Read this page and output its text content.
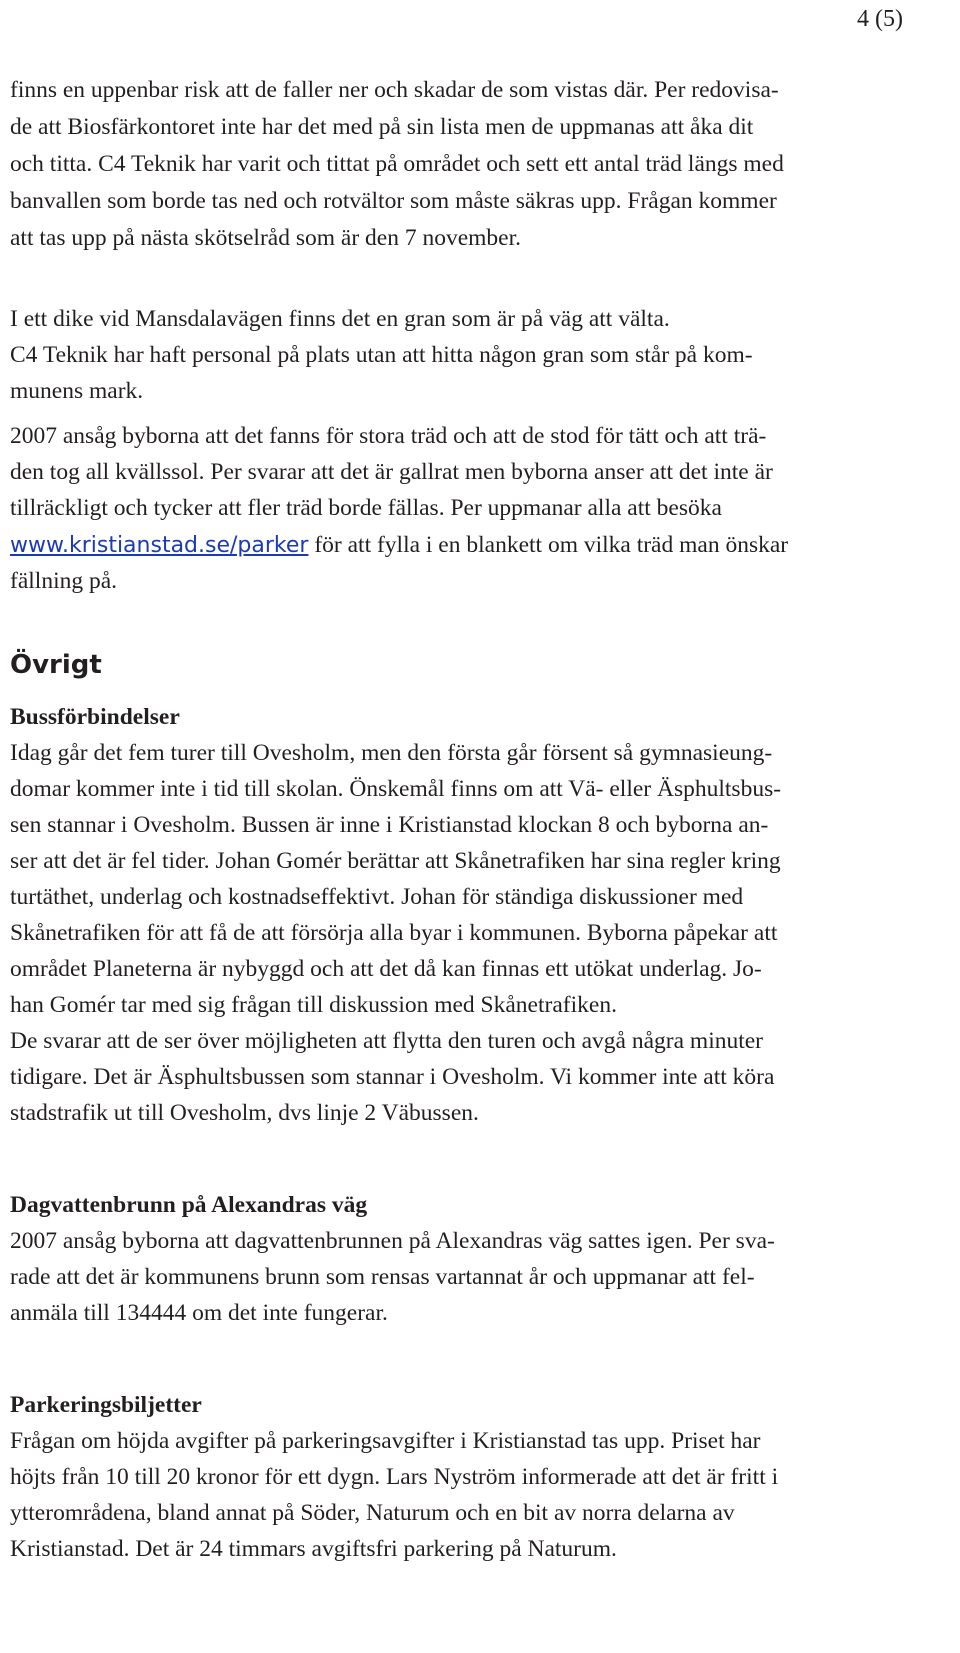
4 (5)
finns en uppenbar risk att de faller ner och skadar de som vistas där. Per redovisa-
de att Biosfärkontoret inte har det med på sin lista men de uppmanas att åka dit
och titta. C4 Teknik har varit och tittat på området och sett ett antal träd längs med
banvallen som borde tas ned och rotvältor som måste säkras upp. Frågan kommer
att tas upp på nästa skötselråd som är den 7 november.
I ett dike vid Mansdalavägen finns det en gran som är på väg att välta.
C4 Teknik har haft personal på plats utan att hitta någon gran som står på kom-
munens mark.
2007 ansåg byborna att det fanns för stora träd och att de stod för tätt och att trä-
den tog all kvällssol. Per svarar att det är gallrat men byborna anser att det inte är
tillräckligt och tycker att fler träd borde fällas. Per uppmanar alla att besöka
www.kristianstad.se/parker för att fylla i en blankett om vilka träd man önskar
fällning på.
Övrigt
Bussförbindelser
Idag går det fem turer till Ovesholm, men den första går försent så gymnasieung-
domar kommer inte i tid till skolan. Önskemål finns om att Vä- eller Äsphultsbus-
sen stannar i Ovesholm. Bussen är inne i Kristianstad klockan 8 och byborna an-
ser att det är fel tider. Johan Gomér berättar att Skånetrafiken har sina regler kring
turtäthet, underlag och kostnadseffektivt. Johan för ständiga diskussioner med
Skånetrafiken för att få de att försörja alla byar i kommunen. Byborna påpekar att
området Planeterna är nybyggd och att det då kan finnas ett utökat underlag. Jo-
han Gomér tar med sig frågan till diskussion med Skånetrafiken.
De svarar att de ser över möjligheten att flytta den turen och avgå några minuter
tidigare. Det är Äsphultsbussen som stannar i Ovesholm. Vi kommer inte att köra
stadstrafik ut till Ovesholm, dvs linje 2 Väbussen.
Dagvattenbrunn på Alexandras väg
2007 ansåg byborna att dagvattenbrunnen på Alexandras väg sattes igen. Per sva-
rade att det är kommunens brunn som rensas vartannat år och uppmanar att fel-
anmäla till 134444 om det inte fungerar.
Parkeringsbiljetter
Frågan om höjda avgifter på parkeringsavgifter i Kristianstad tas upp. Priset har
höjts från 10 till 20 kronor för ett dygn. Lars Nyström informerade att det är fritt i
ytterområdena, bland annat på Söder, Naturum och en bit av norra delarna av
Kristianstad. Det är 24 timmars avgiftsfri parkering på Naturum.
